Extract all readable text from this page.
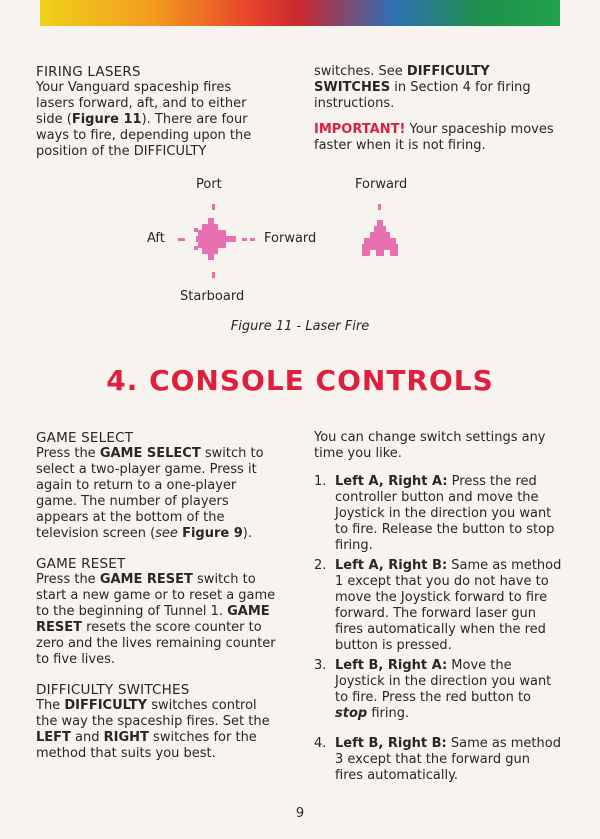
FIRING LASERS

Your Vanguard spaceship fires lasers forward, aft, and to either side (Figure 11). There are four ways to fire, depending upon the position of the DIFFICULTY

switches. See DIFFICULTY SWITCHES in Section 4 for firing instructions.

IMPORTANT! Your spaceship moves faster when it is not firing.

Port
Aft	Forward
Starboard
Forward
Figure 11 - Laser Fire
4. CONSOLE CONTROLS

GAME SELECT

Press the GAME SELECT switch to select a two-player game. Press it again to return to a one-player game. The number of players appears at the bottom of the television screen (see Figure 9).

GAME RESET

Press the GAME RESET switch to start a new game or to reset a game to the beginning of Tunnel 1. GAME RESET resets the score counter to zero and the lives remaining counter to five lives.

DIFFICULTY SWITCHES

The DIFFICULTY switches control the way the spaceship fires. Set the LEFT and RIGHT switches for the method that suits you best.

You can change switch settings any time you like.

1. Left A, Right A: Press the red controller button and move the Joystick in the direction you want to fire. Release the button to stop firing.
2. Left A, Right B: Same as method 1 except that you do not have to move the Joystick forward to fire forward. The forward laser gun fires automatically when the red button is pressed.
3. Left B, Right A: Move the Joystick in the direction you want to fire. Press the red button to stop firing.
4. Left B, Right B: Same as method 3 except that the forward gun fires automatically.
9
